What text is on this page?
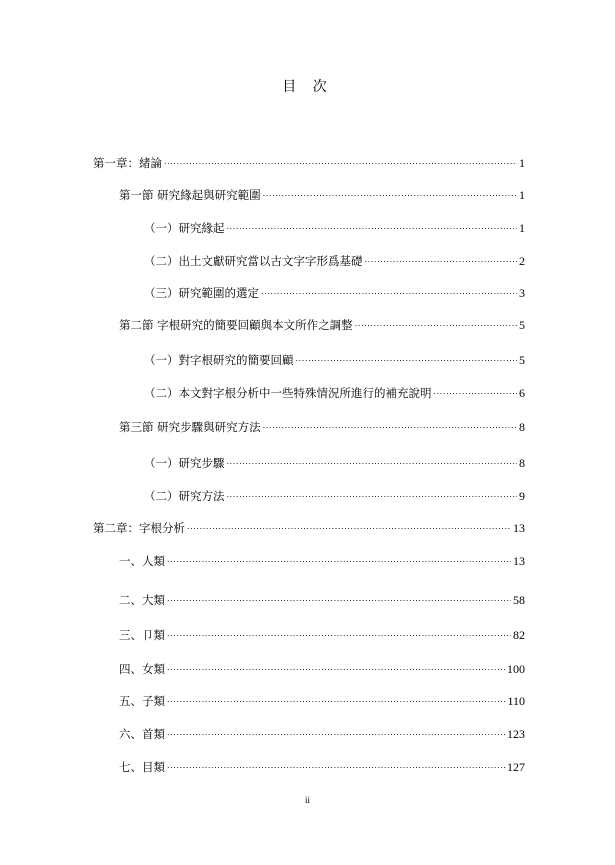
目 次
第一章：緒論 .....	1
第一節 研究緣起與研究範圍 .....	1
（一）研究緣起 .....	1
（二）出土文獻研究當以古文字字形爲基礎 .....	2
（三）研究範圍的選定 .....	3
第二節 字根研究的簡要回顧與本文所作之調整 .....	5
（一）對字根研究的簡要回顧 .....	5
（二）本文對字根分析中一些特殊情況所進行的補充說明 .....	6
第三節 研究步驟與研究方法 .....	8
（一）研究步驟 .....	8
（二）研究方法 .....	9
第二章：字根分析 .....	13
一、人類 .....	13
二、大類 .....	58
三、卩類 .....	82
四、女類 .....	100
五、子類 .....	110
六、首類 .....	123
七、目類 .....	127
ii
